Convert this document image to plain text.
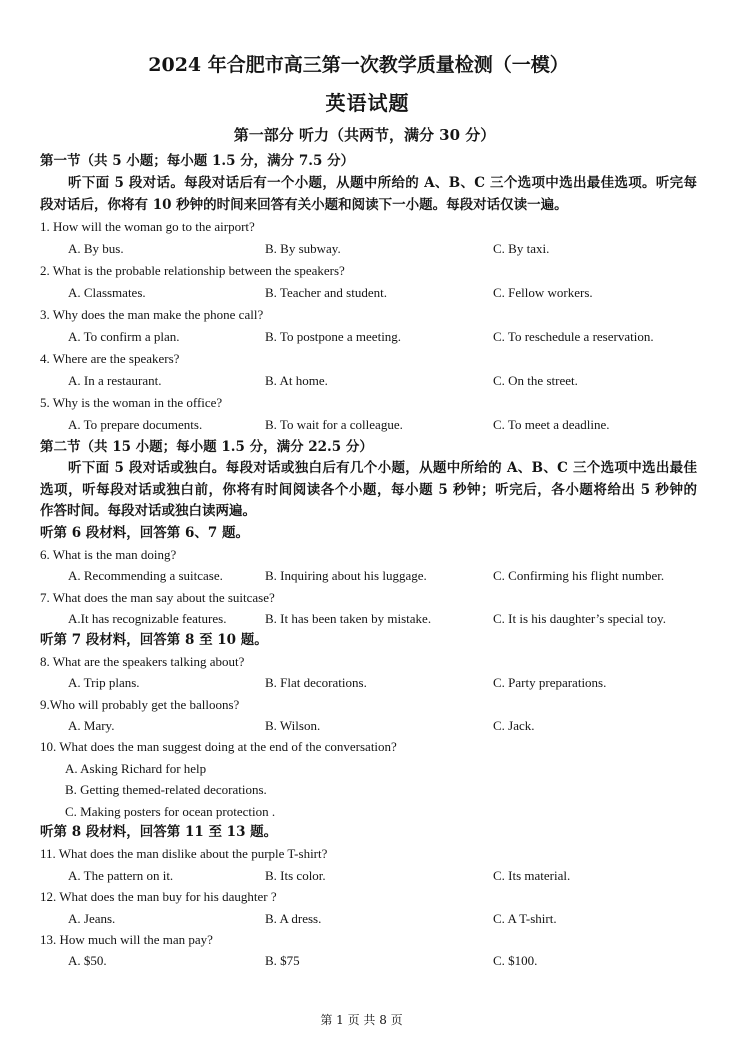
2024 年合肥市高三第一次教学质量检测（一模）
英语试题
第一部分 听力（共两节，满分 30 分）
第一节（共 5 小题；每小题 1.5 分，满分 7.5 分）
听下面 5 段对话。每段对话后有一个小题，从题中所给的 A、B、C 三个选项中选出最佳选项。听完每
段对话后，你将有 10 秒钟的时间来回答有关小题和阅读下一小题。每段对话仅读一遍。
1. How will the woman go to the airport?
A. By bus.	B. By subway.	C. By taxi.
2. What is the probable relationship between the speakers?
A. Classmates.	B. Teacher and student.	C. Fellow workers.
3. Why does the man make the phone call?
A. To confirm a plan.	B. To postpone a meeting.	C. To reschedule a reservation.
4. Where are the speakers?
A. In a restaurant.	B. At home.	C. On the street.
5. Why is the woman in the office?
A. To prepare documents.	B. To wait for a colleague.	C. To meet a deadline.
第二节（共 15 小题；每小题 1.5 分，满分 22.5 分）
听下面 5 段对话或独白。每段对话或独白后有几个小题，从题中所给的 A、B、C 三个选项中选出最佳
选项，听每段对话或独白前，你将有时间阅读各个小题，每小题 5 秒钟；听完后，各小题将给出 5 秒钟的
作答时间。每段对话或独白读两遍。
听第 6 段材料，回答第 6、7 题。
6. What is the man doing?
A. Recommending a suitcase.	B. Inquiring about his luggage.	C. Confirming his flight number.
7. What does the man say about the suitcase?
A.It has recognizable features.	B. It has been taken by mistake.	C. It is his daughter’s special toy.
听第 7 段材料，回答第 8 至 10 题。
8. What are the speakers talking about?
A. Trip plans.	B. Flat decorations.	C. Party preparations.
9.Who will probably get the balloons?
A. Mary.	B. Wilson.	C. Jack.
10. What does the man suggest doing at the end of the conversation?
A. Asking Richard for help
B. Getting themed-related decorations.
C. Making posters for ocean protection .
听第 8 段材料，回答第 11 至 13 题。
11. What does the man dislike about the purple T-shirt?
A. The pattern on it.	B. Its color.	C. Its material.
12. What does the man buy for his daughter ?
A. Jeans.	B. A dress.	C. A T-shirt.
13. How much will the man pay?
A. $50.	B. $75	C. $100.
第 1 页 共 8 页
